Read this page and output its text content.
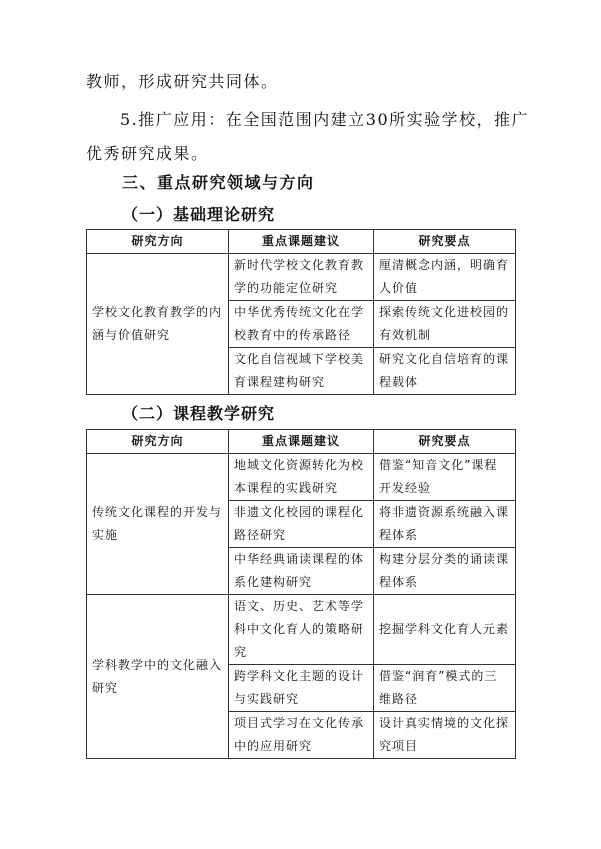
教师，形成研究共同体。
5.推广应用：在全国范围内建立30所实验学校，推广
优秀研究成果。
三、重点研究领域与方向
（一）基础理论研究
研究方向	重点课题建议	研究要点
学校文化教育教学的内涵与价值研究	新时代学校文化教育教学的功能定位研究	厘清概念内涵，明确育人价值
	中华优秀传统文化在学校教育中的传承路径	探索传统文化进校园的有效机制
	文化自信视域下学校美育课程建构研究	研究文化自信培育的课程载体
（二）课程教学研究
研究方向	重点课题建议	研究要点
传统文化课程的开发与实施	地域文化资源转化为校本课程的实践研究	借鉴“知音文化”课程开发经验
	非遗文化校园的课程化路径研究	将非遗资源系统融入课程体系
	中华经典诵读课程的体系化建构研究	构建分层分类的诵读课程体系
学科教学中的文化融入研究	语文、历史、艺术等学科中文化育人的策略研究	挖掘学科文化育人元素
	跨学科文化主题的设计与实践研究	借鉴“润育”模式的三维路径
	项目式学习在文化传承中的应用研究	设计真实情境的文化探究项目
